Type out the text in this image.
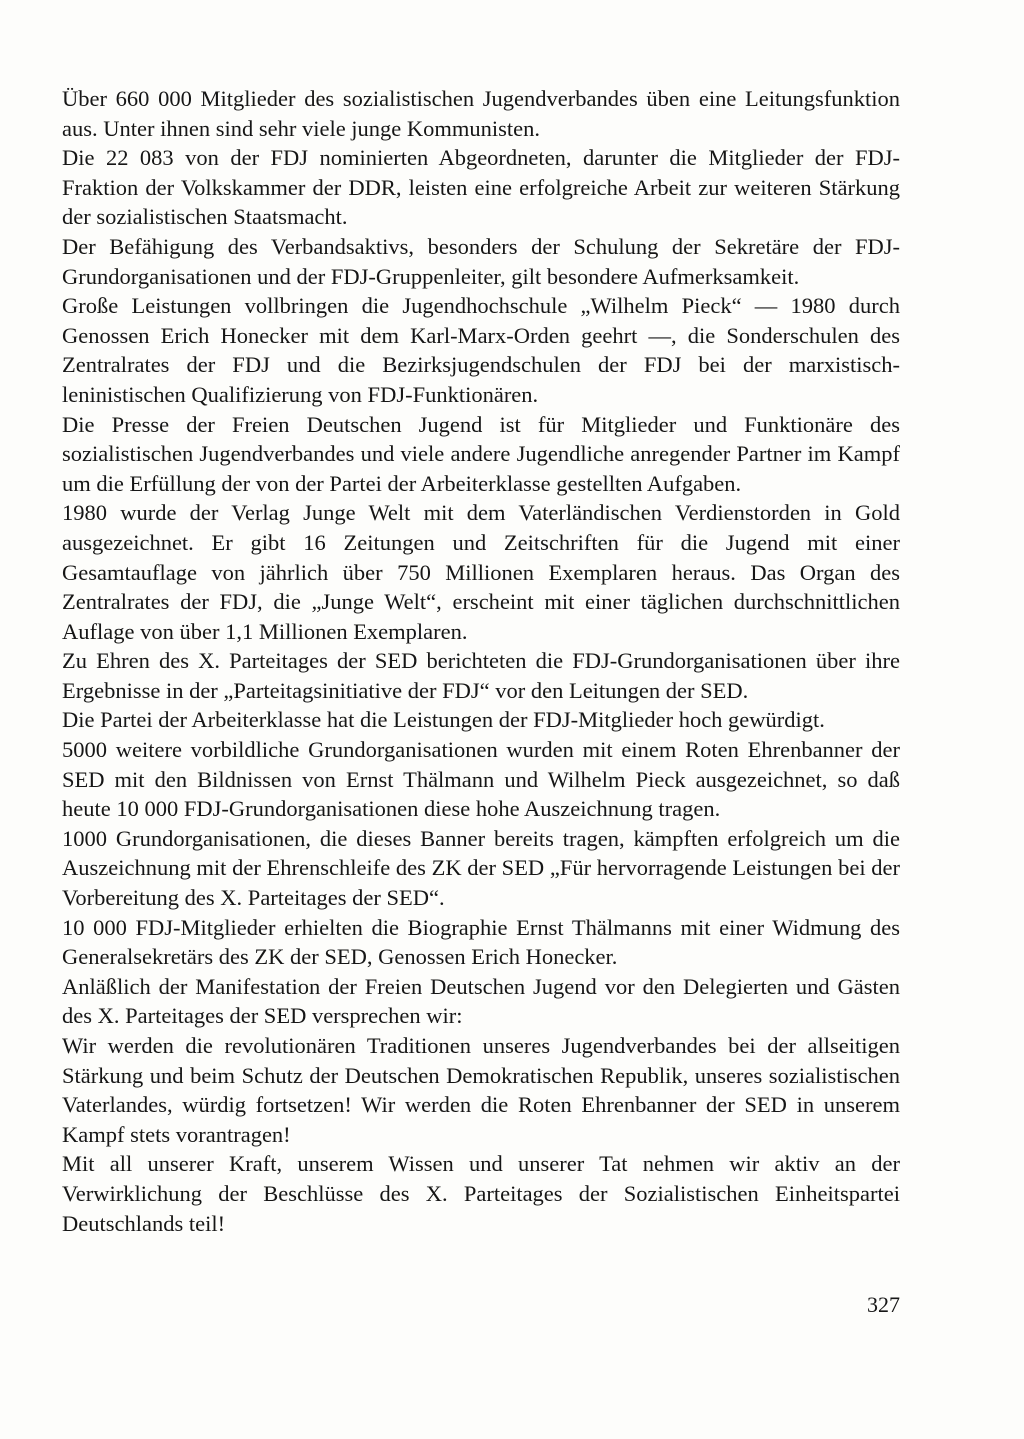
Über 660 000 Mitglieder des sozialistischen Jugendverbandes üben eine Leitungsfunktion aus. Unter ihnen sind sehr viele junge Kommunisten.

Die 22 083 von der FDJ nominierten Abgeordneten, darunter die Mitglieder der FDJ-Fraktion der Volkskammer der DDR, leisten eine erfolgreiche Arbeit zur weiteren Stärkung der sozialistischen Staatsmacht.

Der Befähigung des Verbandsaktivs, besonders der Schulung der Sekretäre der FDJ-Grundorganisationen und der FDJ-Gruppenleiter, gilt besondere Aufmerksamkeit.

Große Leistungen vollbringen die Jugendhochschule „Wilhelm Pieck“ — 1980 durch Genossen Erich Honecker mit dem Karl-Marx-Orden geehrt —, die Sonderschulen des Zentralrates der FDJ und die Bezirksjugendschulen der FDJ bei der marxistisch-leninistischen Qualifizierung von FDJ-Funktionären.

Die Presse der Freien Deutschen Jugend ist für Mitglieder und Funktionäre des sozialistischen Jugendverbandes und viele andere Jugendliche anregender Partner im Kampf um die Erfüllung der von der Partei der Arbeiterklasse gestellten Aufgaben.

1980 wurde der Verlag Junge Welt mit dem Vaterländischen Verdienstorden in Gold ausgezeichnet. Er gibt 16 Zeitungen und Zeitschriften für die Jugend mit einer Gesamtauflage von jährlich über 750 Millionen Exemplaren heraus. Das Organ des Zentralrates der FDJ, die „Junge Welt“, erscheint mit einer täglichen durchschnittlichen Auflage von über 1,1 Millionen Exemplaren.

Zu Ehren des X. Parteitages der SED berichteten die FDJ-Grundorganisationen über ihre Ergebnisse in der „Parteitagsinitiative der FDJ“ vor den Leitungen der SED.

Die Partei der Arbeiterklasse hat die Leistungen der FDJ-Mitglieder hoch gewürdigt.

5000 weitere vorbildliche Grundorganisationen wurden mit einem Roten Ehrenbanner der SED mit den Bildnissen von Ernst Thälmann und Wilhelm Pieck ausgezeichnet, so daß heute 10 000 FDJ-Grundorganisationen diese hohe Auszeichnung tragen.

1000 Grundorganisationen, die dieses Banner bereits tragen, kämpften erfolgreich um die Auszeichnung mit der Ehrenschleife des ZK der SED „Für hervorragende Leistungen bei der Vorbereitung des X. Parteitages der SED“.

10 000 FDJ-Mitglieder erhielten die Biographie Ernst Thälmanns mit einer Widmung des Generalsekretärs des ZK der SED, Genossen Erich Honecker.

Anläßlich der Manifestation der Freien Deutschen Jugend vor den Delegierten und Gästen des X. Parteitages der SED versprechen wir:

Wir werden die revolutionären Traditionen unseres Jugendverbandes bei der allseitigen Stärkung und beim Schutz der Deutschen Demokratischen Republik, unseres sozialistischen Vaterlandes, würdig fortsetzen! Wir werden die Roten Ehrenbanner der SED in unserem Kampf stets vorantragen!

Mit all unserer Kraft, unserem Wissen und unserer Tat nehmen wir aktiv an der Verwirklichung der Beschlüsse des X. Parteitages der Sozialistischen Einheitspartei Deutschlands teil!

327
